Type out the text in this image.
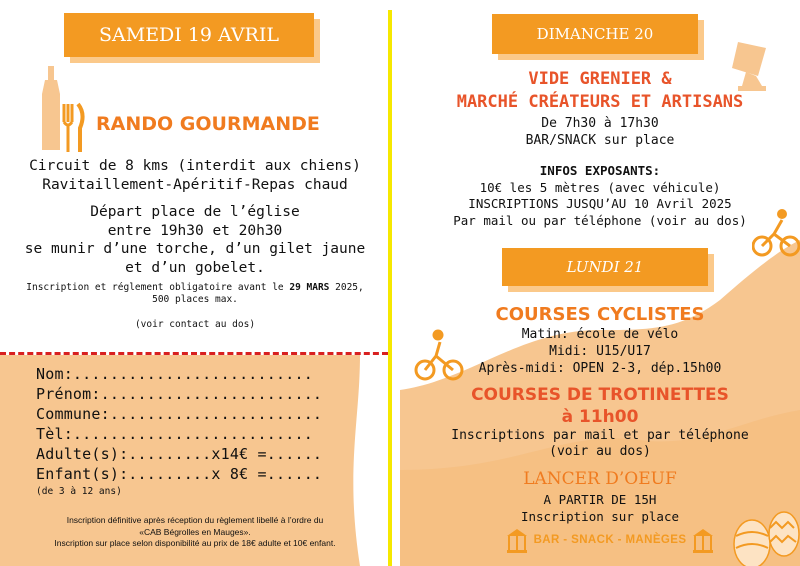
SAMEDI 19 AVRIL
RANDO GOURMANDE
Circuit de 8 kms (interdit aux chiens)
Ravitaillement-Apéritif-Repas chaud
Départ place de l’église
entre 19h30 et 20h30
se munir d’une torche, d’un gilet jaune
et d’un gobelet.
Inscription et réglement obligatoire avant le 29 MARS 2025,
500 places max.
(voir contact au dos)
Nom:..........................
Prénom:........................
Commune:.......................
Tèl:..........................
Adulte(s):.........x14€ =......
Enfant(s):.........x 8€ =......
(de 3 à 12 ans)
Inscription définitive après réception du règlement libellé à l’ordre du
«CAB Bégrolles en Mauges».
Inscription sur place selon disponibilité au prix de 18€ adulte et 10€ enfant.
DIMANCHE 20
VIDE GRENIER &
MARCHÉ CRÉATEURS ET ARTISANS
De 7h30 à 17h30
BAR/SNACK sur place
INFOS EXPOSANTS:
10€ les 5 mètres (avec véhicule)
INSCRIPTIONS JUSQU’AU 10 Avril 2025
Par mail ou par téléphone (voir au dos)
LUNDI 21
COURSES CYCLISTES
Matin: école de vélo
Midi: U15/U17
Après-midi: OPEN 2-3, dép.15h00
COURSES DE TROTINETTES
à 11h00
Inscriptions par mail et par téléphone
(voir au dos)
LANCER D’OEUF
A PARTIR DE 15H
Inscription sur place
BAR - SNACK - MANÈGES
